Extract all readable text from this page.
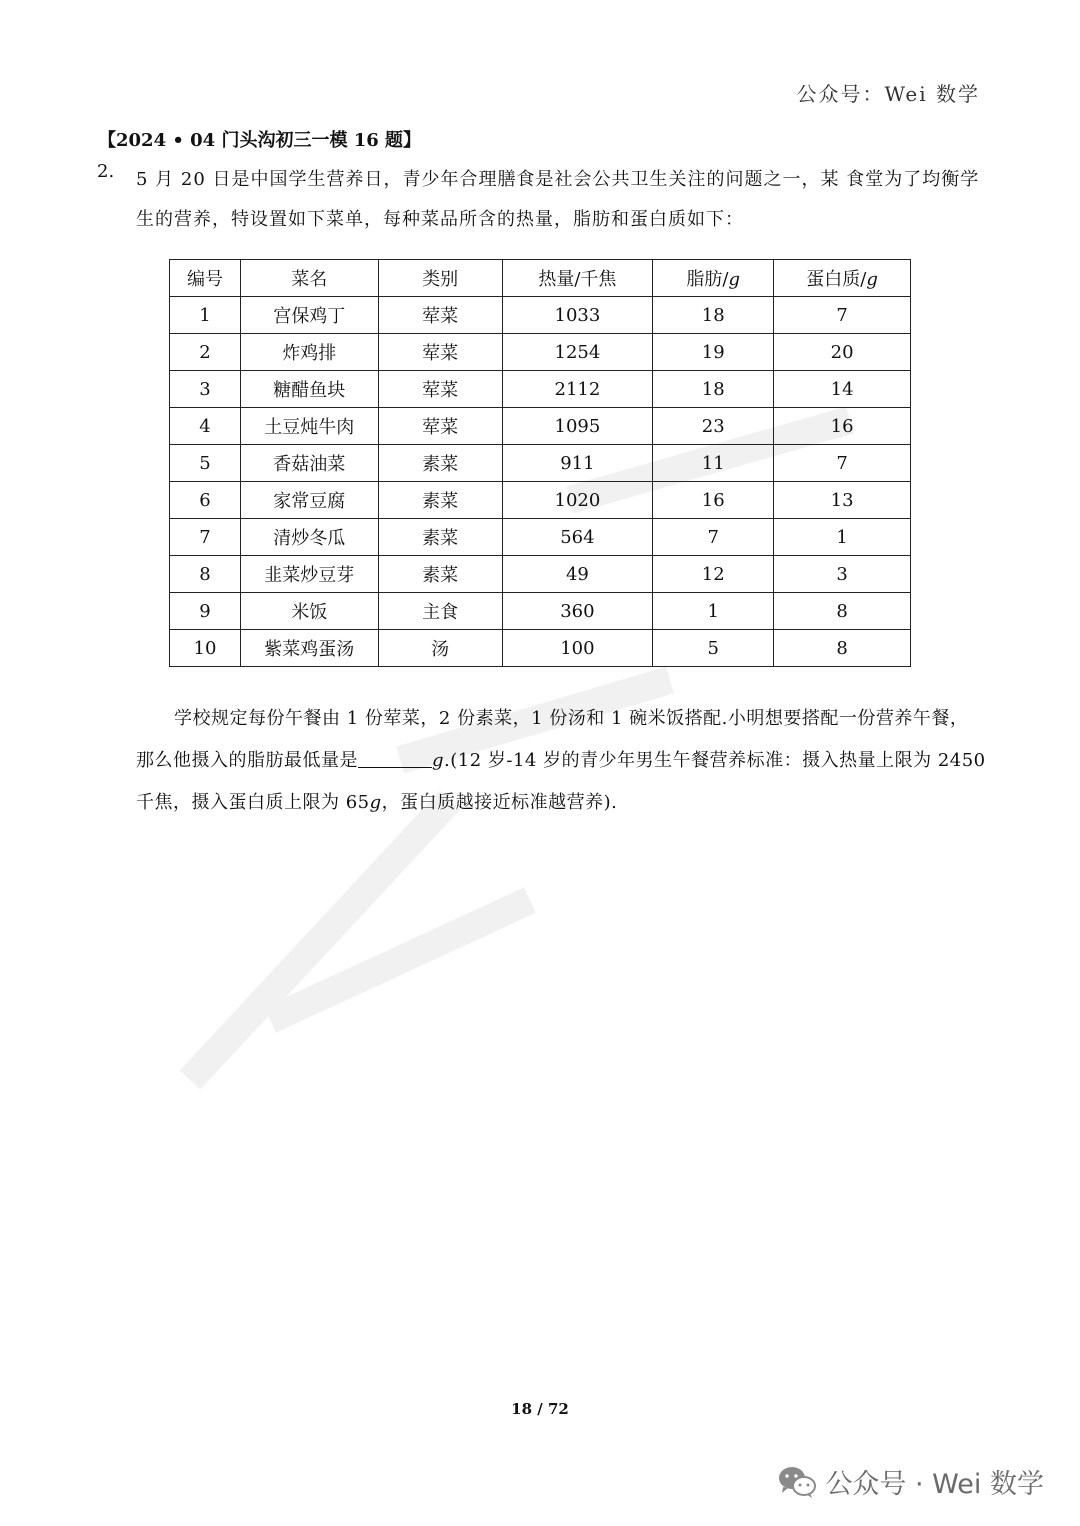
公众号：Wei 数学
【2024 • 04 门头沟初三一模 16 题】
2. 5 月 20 日是中国学生营养日，青少年合理膳食是社会公共卫生关注的问题之一，某 食堂为了均衡学
生的营养，特设置如下菜单，每种菜品所含的热量，脂肪和蛋白质如下：
编号	菜名	类别	热量/千焦	脂肪/g	蛋白质/g
1	宫保鸡丁	荤菜	1033	18	7
2	炸鸡排	荤菜	1254	19	20
3	糖醋鱼块	荤菜	2112	18	14
4	土豆炖牛肉	荤菜	1095	23	16
5	香菇油菜	素菜	911	11	7
6	家常豆腐	素菜	1020	16	13
7	清炒冬瓜	素菜	564	7	1
8	韭菜炒豆芽	素菜	49	12	3
9	米饭	主食	360	1	8
10	紫菜鸡蛋汤	汤	100	5	8
学校规定每份午餐由 1 份荤菜，2 份素菜，1 份汤和 1 碗米饭搭配.小明想要搭配一份营养午餐，那么他摄入的脂肪最低量是	g.(12 岁-14 岁的青少年男生午餐营养标准：摄入热量上限为 2450 千焦，摄入蛋白质上限为 65g，蛋白质越接近标准越营养).
18 / 72
公众号 · Wei 数学
